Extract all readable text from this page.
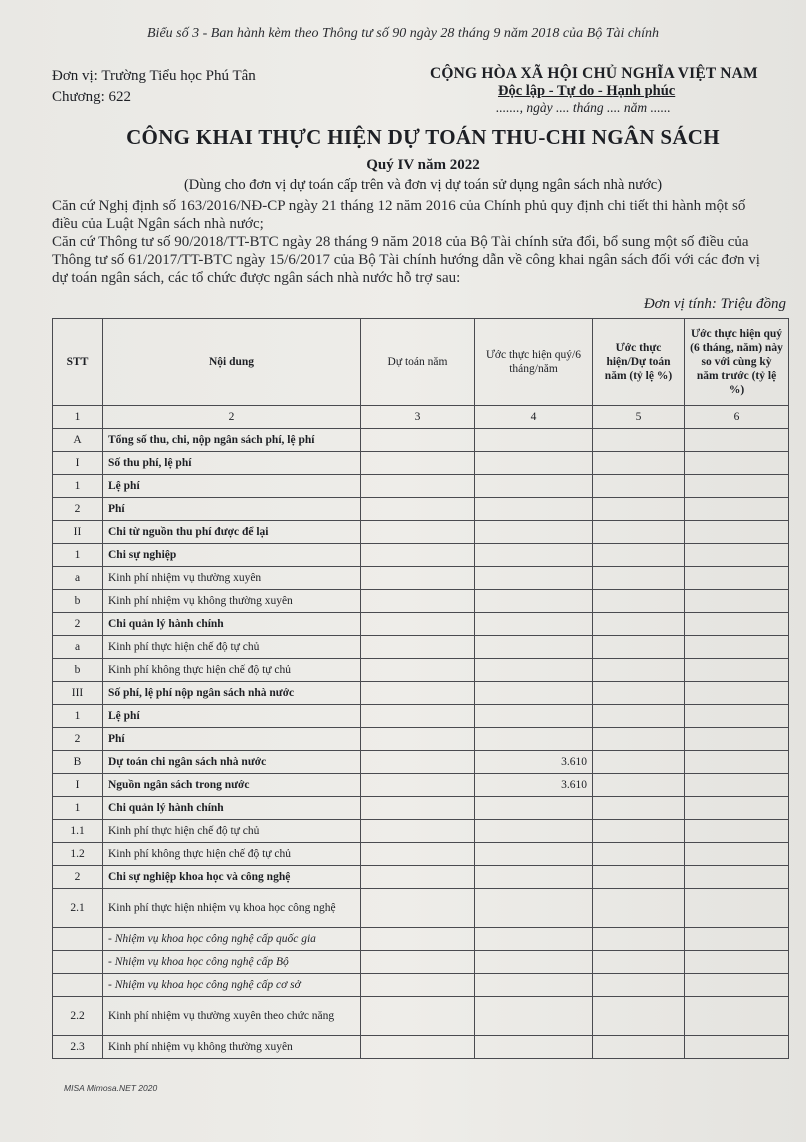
Biểu số 3 - Ban hành kèm theo Thông tư số 90 ngày 28 tháng 9 năm 2018 của Bộ Tài chính
Đơn vị: Trường Tiểu học Phú Tân
Chương: 622
CỘNG HÒA XÃ HỘI CHỦ NGHĨA VIỆT NAM
Độc lập - Tự do - Hạnh phúc
......., ngày .... tháng .... năm ......
CÔNG KHAI THỰC HIỆN DỰ TOÁN THU-CHI NGÂN SÁCH
Quý IV năm 2022
(Dùng cho đơn vị dự toán cấp trên và đơn vị dự toán sử dụng ngân sách nhà nước)

Căn cứ Nghị định số 163/2016/NĐ-CP ngày 21 tháng 12 năm 2016 của Chính phủ quy định chi tiết thi hành một số điều của Luật Ngân sách nhà nước;

Căn cứ Thông tư số 90/2018/TT-BTC ngày 28 tháng 9 năm 2018 của Bộ Tài chính sửa đổi, bổ sung một số điều của Thông tư số 61/2017/TT-BTC ngày 15/6/2017 của Bộ Tài chính hướng dẫn về công khai ngân sách đối với các đơn vị dự toán ngân sách, các tổ chức được ngân sách nhà nước hỗ trợ sau:

Đơn vị tính: Triệu đồng
STT	Nội dung	Dự toán năm	Ước thực hiện quý/6 tháng/năm	Ước thực hiện/Dự toán năm (tỷ lệ %)	Ước thực hiện quý (6 tháng, năm) này so với cùng kỳ năm trước (tỷ lệ %)
1	2	3	4	5	6
A	Tổng số thu, chi, nộp ngân sách phí, lệ phí				
I	Số thu phí, lệ phí				
1	Lệ phí				
2	Phí				
II	Chi từ nguồn thu phí được để lại				
1	Chi sự nghiệp				
a	Kinh phí nhiệm vụ thường xuyên				
b	Kinh phí nhiệm vụ không thường xuyên				
2	Chi quản lý hành chính				
a	Kinh phí thực hiện chế độ tự chủ				
b	Kinh phí không thực hiện chế độ tự chủ				
III	Số phí, lệ phí nộp ngân sách nhà nước				
1	Lệ phí				
2	Phí				
B	Dự toán chi ngân sách nhà nước		3.610		
I	Nguồn ngân sách trong nước		3.610		
1	Chi quản lý hành chính				
1.1	Kinh phí thực hiện chế độ tự chủ				
1.2	Kinh phí không thực hiện chế độ tự chủ				
2	Chi sự nghiệp khoa học và công nghệ				
2.1	Kinh phí thực hiện nhiệm vụ khoa học công nghệ				
	- Nhiệm vụ khoa học công nghệ cấp quốc gia				
	- Nhiệm vụ khoa học công nghệ cấp Bộ				
	- Nhiệm vụ khoa học công nghệ cấp cơ sở				
2.2	Kinh phí nhiệm vụ thường xuyên theo chức năng				
2.3	Kinh phí nhiệm vụ không thường xuyên				
MISA Mimosa.NET 2020
